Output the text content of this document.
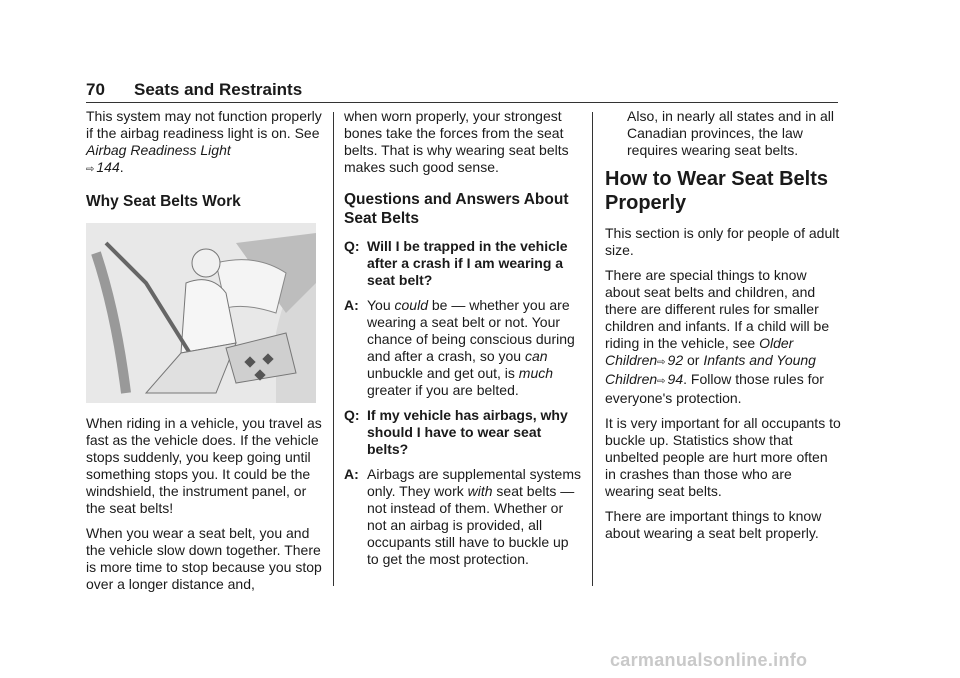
70 Seats and Restraints

This system may not function properly if the airbag readiness light is on. See Airbag Readiness Light
⇨ 144.

Why Seat Belts Work

When riding in a vehicle, you travel as fast as the vehicle does. If the vehicle stops suddenly, you keep going until something stops you. It could be the windshield, the instrument panel, or the seat belts!

When you wear a seat belt, you and the vehicle slow down together. There is more time to stop because you stop over a longer distance and,

when worn properly, your strongest bones take the forces from the seat belts. That is why wearing seat belts makes such good sense.

Questions and Answers About Seat Belts
Q: Will I be trapped in the vehicle after a crash if I am wearing a seat belt?
A: You could be — whether you are wearing a seat belt or not. Your chance of being conscious during and after a crash, so you can unbuckle and get out, is much greater if you are belted.
Q: If my vehicle has airbags, why should I have to wear seat belts?
A: Airbags are supplemental systems only. They work with seat belts — not instead of them. Whether or not an airbag is provided, all occupants still have to buckle up to get the most protection.

Also, in nearly all states and in all Canadian provinces, the law requires wearing seat belts.

How to Wear Seat Belts Properly

This section is only for people of adult size.

There are special things to know about seat belts and children, and there are different rules for smaller children and infants. If a child will be riding in the vehicle, see Older Children⇨ 92 or Infants and Young Children⇨ 94. Follow those rules for everyone's protection.

It is very important for all occupants to buckle up. Statistics show that unbelted people are hurt more often in crashes than those who are wearing seat belts.

There are important things to know about wearing a seat belt properly.

carmanualsonline.info
